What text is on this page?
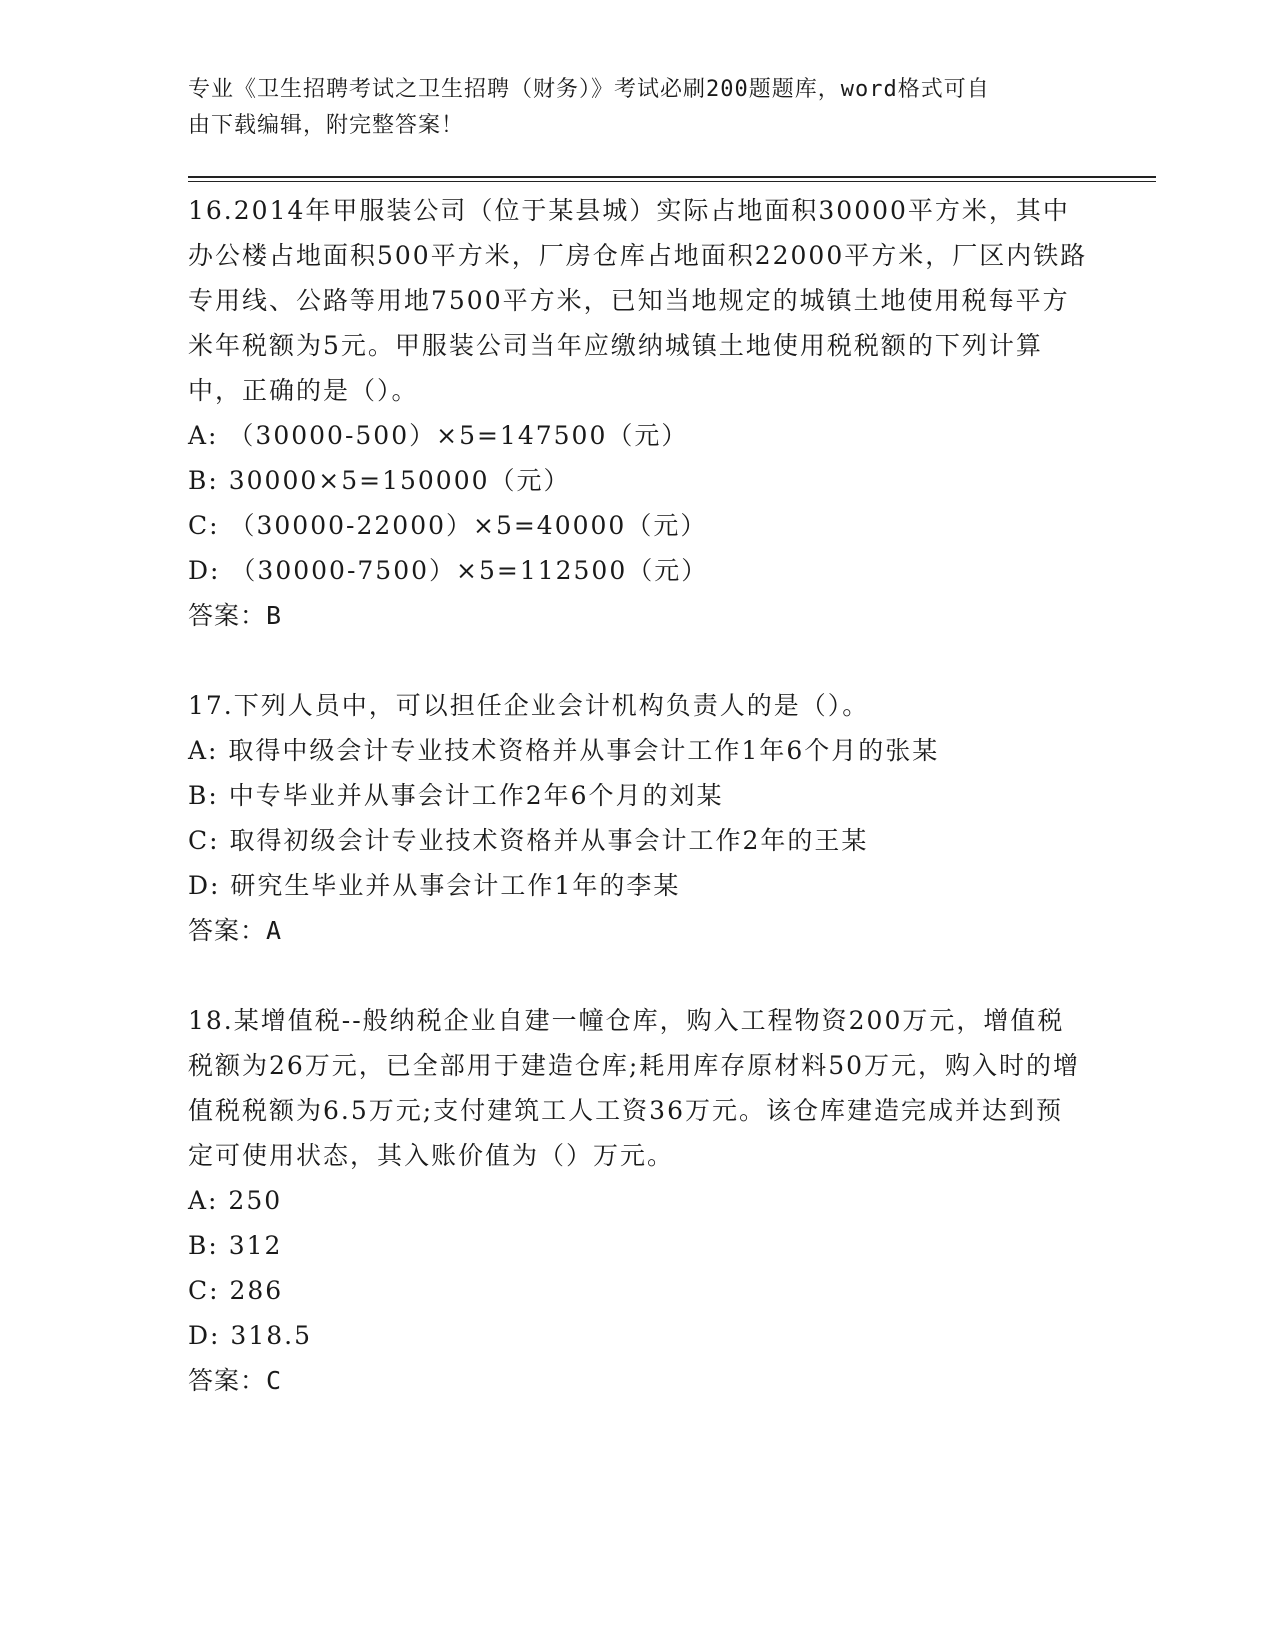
专业《卫生招聘考试之卫生招聘（财务）》考试必刷200题题库，word格式可自
由下载编辑，附完整答案！

16.2014年甲服装公司（位于某县城）实际占地面积30000平方米，其中办公楼占地面积500平方米，厂房仓库占地面积22000平方米，厂区内铁路专用线、公路等用地7500平方米，已知当地规定的城镇土地使用税每平方米年税额为5元。甲服装公司当年应缴纳城镇土地使用税税额的下列计算中，正确的是（）。

A: （30000-500）×5=147500（元）

B: 30000×5=150000（元）

C: （30000-22000）×5=40000（元）

D: （30000-7500）×5=112500（元）

答案：B

17.下列人员中，可以担任企业会计机构负责人的是（）。

A: 取得中级会计专业技术资格并从事会计工作1年6个月的张某

B: 中专毕业并从事会计工作2年6个月的刘某

C: 取得初级会计专业技术资格并从事会计工作2年的王某

D: 研究生毕业并从事会计工作1年的李某

答案：A

18.某增值税--般纳税企业自建一幢仓库，购入工程物资200万元，增值税税额为26万元，已全部用于建造仓库;耗用库存原材料50万元，购入时的增值税税额为6.5万元;支付建筑工人工资36万元。该仓库建造完成并达到预定可使用状态，其入账价值为（）万元。

A: 250

B: 312

C: 286

D: 318.5

答案：C
